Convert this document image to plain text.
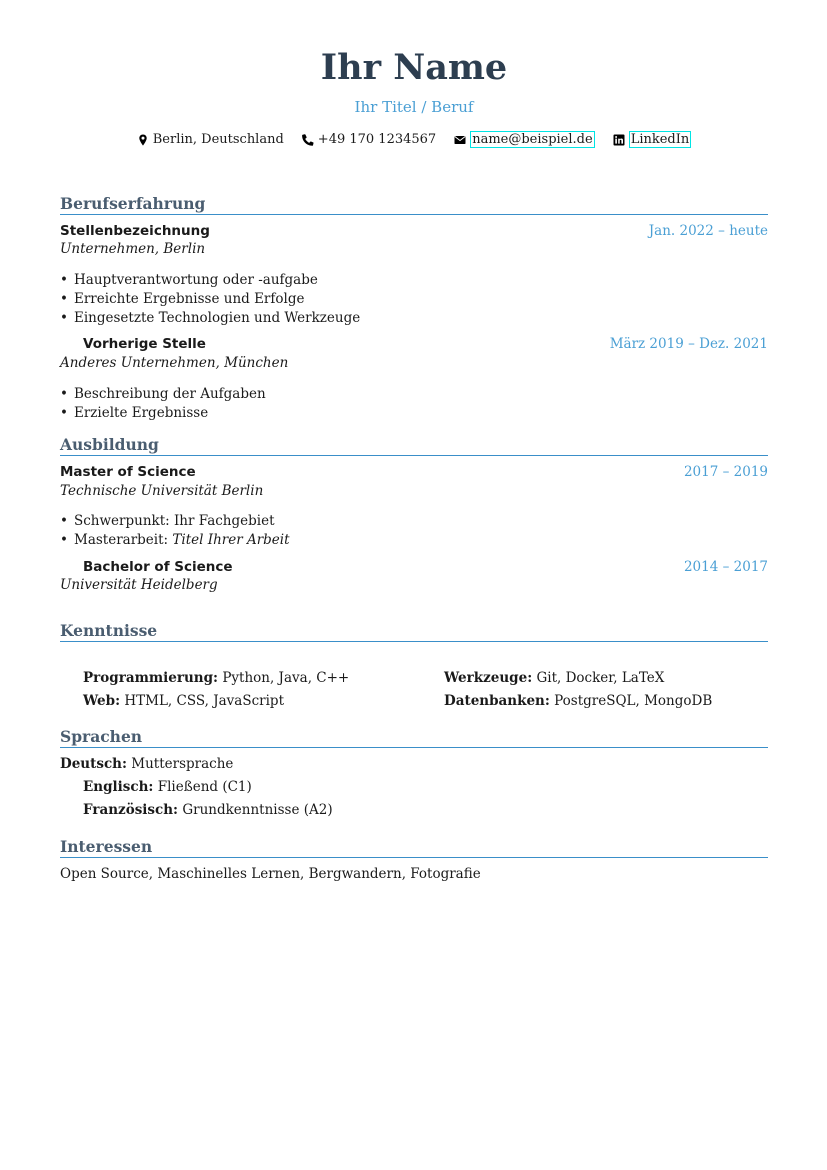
Ihr Name
Ihr Titel / Beruf
Berlin, Deutschland	+49 170 1234567	name@beispiel.de	LinkedIn
Berufserfahrung
Stellenbezeichnung	Jan. 2022 – heute
Unternehmen, Berlin
• Hauptverantwortung oder -aufgabe
• Erreichte Ergebnisse und Erfolge
• Eingesetzte Technologien und Werkzeuge
Vorherige Stelle	März 2019 – Dez. 2021
Anderes Unternehmen, München
• Beschreibung der Aufgaben
• Erzielte Ergebnisse
Ausbildung
Master of Science	2017 – 2019
Technische Universität Berlin
• Schwerpunkt: Ihr Fachgebiet
• Masterarbeit: Titel Ihrer Arbeit
Bachelor of Science	2014 – 2017
Universität Heidelberg
Kenntnisse
Programmierung: Python, Java, C++	Werkzeuge: Git, Docker, LaTeX
Web: HTML, CSS, JavaScript	Datenbanken: PostgreSQL, MongoDB
Sprachen
Deutsch: Muttersprache
Englisch: Fließend (C1)
Französisch: Grundkenntnisse (A2)
Interessen
Open Source, Maschinelles Lernen, Bergwandern, Fotografie
